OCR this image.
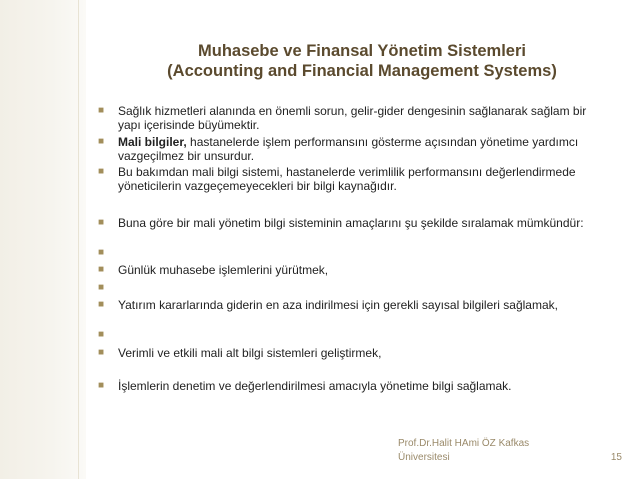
Muhasebe ve Finansal Yönetim Sistemleri
(Accounting and Financial Management Systems)
■	Sağlık hizmetleri alanında en önemli sorun, gelir-gider dengesinin sağlanarak sağlam bir yapı içerisinde büyümektir.
■	Mali bilgiler, hastanelerde işlem performansını gösterme açısından yönetime yardımcı vazgeçilmez bir unsurdur.
■	Bu bakımdan mali bilgi sistemi, hastanelerde verimlilik performansını değerlendirmede yöneticilerin vazgeçemeyecekleri bir bilgi kaynağıdır.
■	Buna göre bir mali yönetim bilgi sisteminin amaçlarını şu şekilde sıralamak mümkündür:
■
■	Günlük muhasebe işlemlerini yürütmek,
■
■	Yatırım kararlarında giderin en aza indirilmesi için gerekli sayısal bilgileri sağlamak,
■
■	Verimli ve etkili mali alt bilgi sistemleri geliştirmek,
■	İşlemlerin denetim ve değerlendirilmesi amacıyla yönetime bilgi sağlamak.
Prof.Dr.Halit HAmi ÖZ Kafkas
Üniversitesi	15
